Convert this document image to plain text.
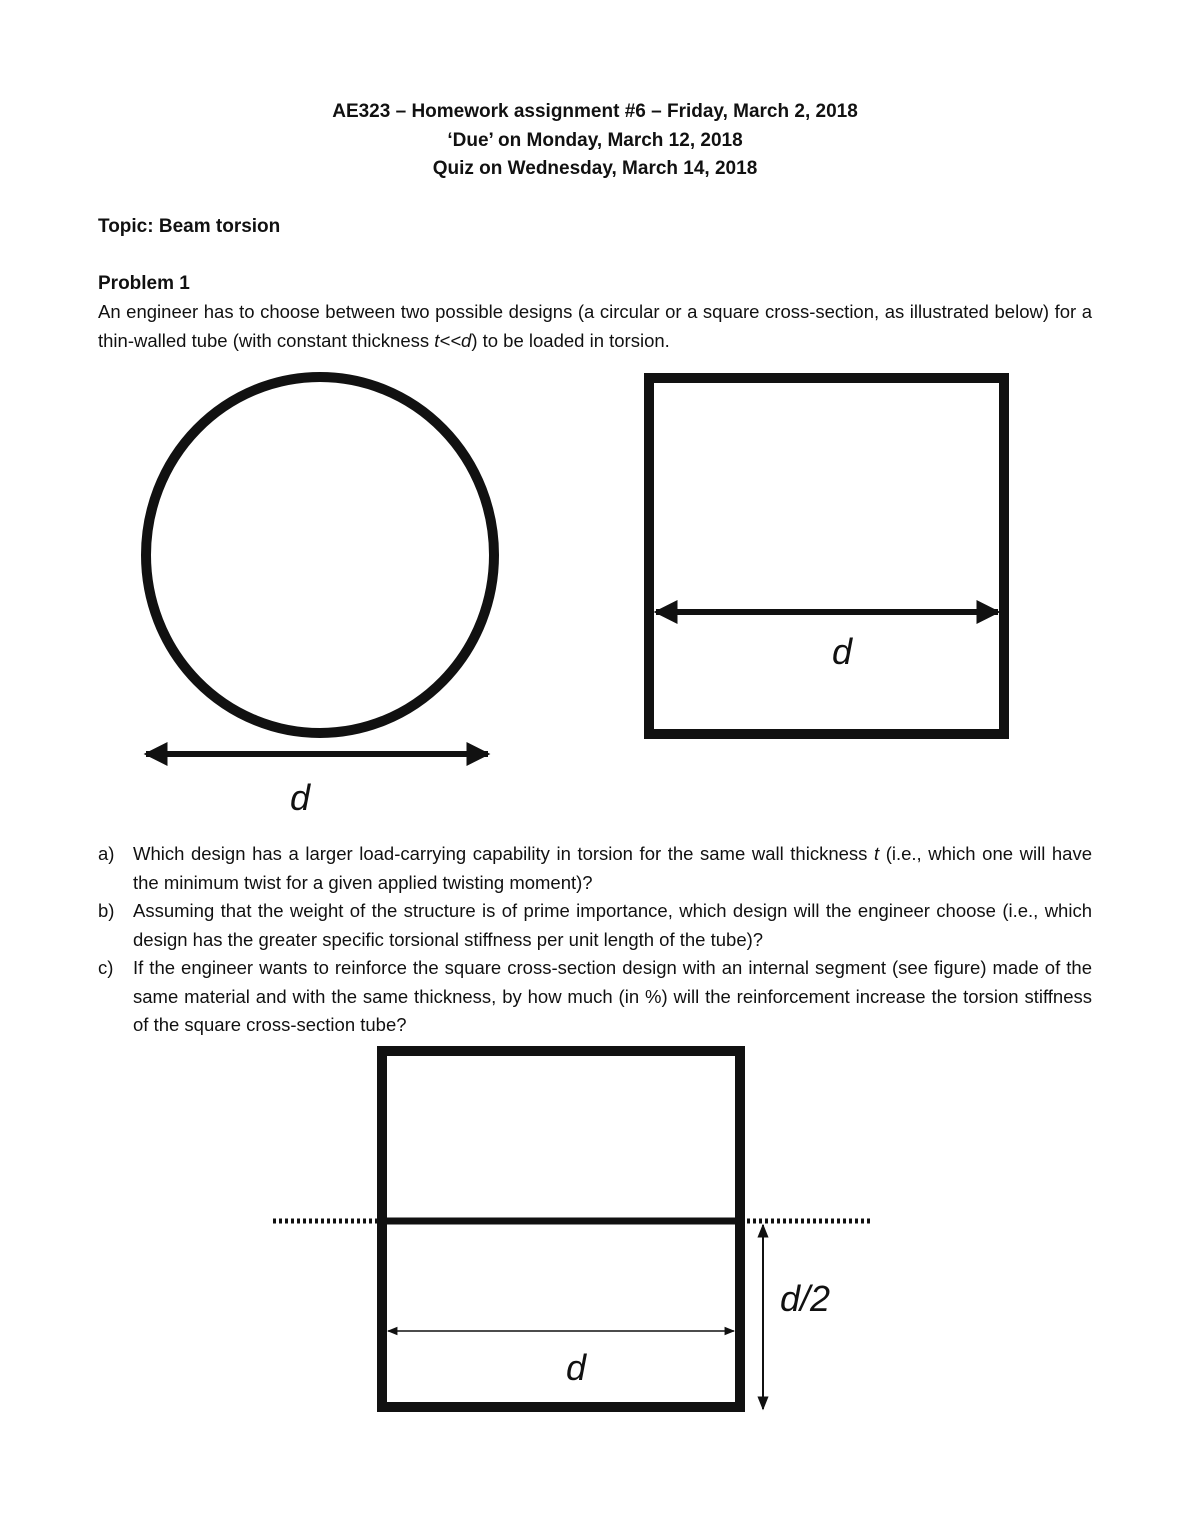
AE323 – Homework assignment #6 – Friday, March 2, 2018
‘Due’ on Monday, March 12, 2018
Quiz on Wednesday, March 14, 2018
Topic: Beam torsion
Problem 1
An engineer has to choose between two possible designs (a circular or a square cross-section, as illustrated below) for a thin-walled tube (with constant thickness t<<d) to be loaded in torsion.
d
d
d
d/2
a)	Which design has a larger load-carrying capability in torsion for the same wall thickness t (i.e., which one will have the minimum twist for a given applied twisting moment)?
b)	Assuming that the weight of the structure is of prime importance, which design will the engineer choose (i.e., which design has the greater specific torsional stiffness per unit length of the tube)?
c)	If the engineer wants to reinforce the square cross-section design with an internal segment (see figure) made of the same material and with the same thickness, by how much (in %) will the reinforcement increase the torsion stiffness of the square cross-section tube?
